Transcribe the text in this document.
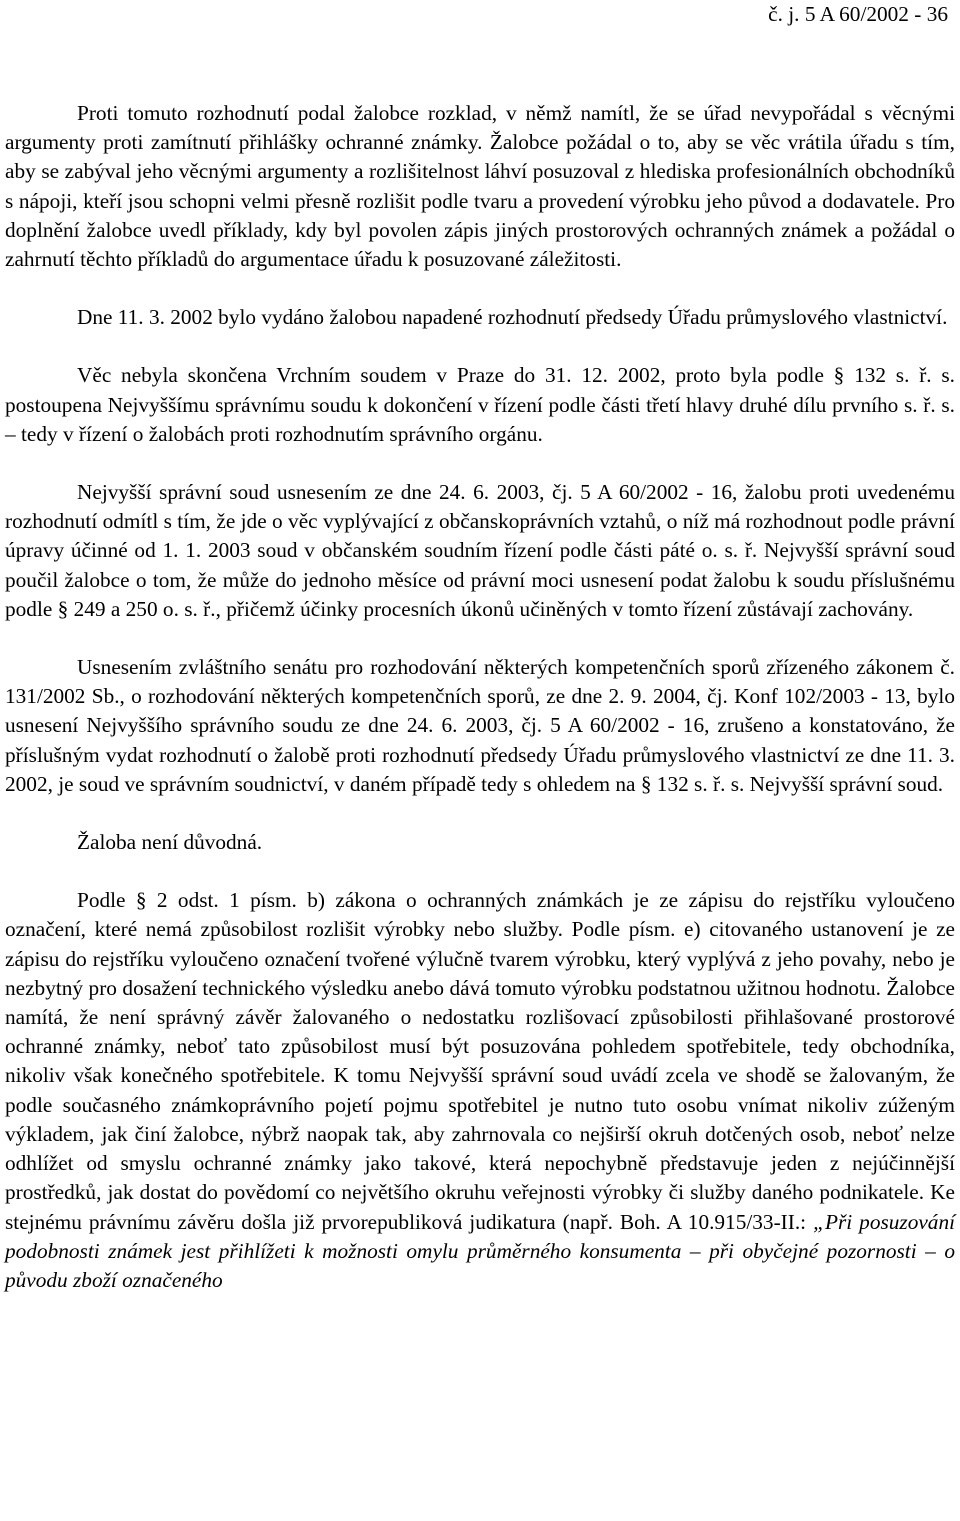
č. j. 5 A 60/2002 - 36

Proti tomuto rozhodnutí podal žalobce rozklad, v němž namítl, že se úřad nevypořádal s věcnými argumenty proti zamítnutí přihlášky ochranné známky. Žalobce požádal o to, aby se věc vrátila úřadu s tím, aby se zabýval jeho věcnými argumenty a rozlišitelnost láhví posuzoval z hlediska profesionálních obchodníků s nápoji, kteří jsou schopni velmi přesně rozlišit podle tvaru a provedení výrobku jeho původ a dodavatele. Pro doplnění žalobce uvedl příklady, kdy byl povolen zápis jiných prostorových ochranných známek a požádal o zahrnutí těchto příkladů do argumentace úřadu k posuzované záležitosti.

Dne 11. 3. 2002 bylo vydáno žalobou napadené rozhodnutí předsedy Úřadu průmyslového vlastnictví.

Věc nebyla skončena Vrchním soudem v Praze do 31. 12. 2002, proto byla podle § 132 s. ř. s. postoupena Nejvyššímu správnímu soudu k dokončení v řízení podle části třetí hlavy druhé dílu prvního s. ř. s. – tedy v řízení o žalobách proti rozhodnutím správního orgánu.

Nejvyšší správní soud usnesením ze dne 24. 6. 2003, čj. 5 A 60/2002 - 16, žalobu proti uvedenému rozhodnutí odmítl s tím, že jde o věc vyplývající z občanskoprávních vztahů, o níž má rozhodnout podle právní úpravy účinné od 1. 1. 2003 soud v občanském soudním řízení podle části páté o. s. ř. Nejvyšší správní soud poučil žalobce o tom, že může do jednoho měsíce od právní moci usnesení podat žalobu k soudu příslušnému podle § 249 a 250 o. s. ř., přičemž účinky procesních úkonů učiněných v tomto řízení zůstávají zachovány.

Usnesením zvláštního senátu pro rozhodování některých kompetenčních sporů zřízeného zákonem č. 131/2002 Sb., o rozhodování některých kompetenčních sporů, ze dne 2. 9. 2004, čj. Konf 102/2003 - 13, bylo usnesení Nejvyššího správního soudu ze dne 24. 6. 2003, čj. 5 A 60/2002 - 16, zrušeno a konstatováno, že příslušným vydat rozhodnutí o žalobě proti rozhodnutí předsedy Úřadu průmyslového vlastnictví ze dne 11. 3. 2002, je soud ve správním soudnictví, v daném případě tedy s ohledem na § 132 s. ř. s. Nejvyšší správní soud.

Žaloba není důvodná.

Podle § 2 odst. 1 písm. b) zákona o ochranných známkách je ze zápisu do rejstříku vyloučeno označení, které nemá způsobilost rozlišit výrobky nebo služby. Podle písm. e) citovaného ustanovení je ze zápisu do rejstříku vyloučeno označení tvořené výlučně tvarem výrobku, který vyplývá z jeho povahy, nebo je nezbytný pro dosažení technického výsledku anebo dává tomuto výrobku podstatnou užitnou hodnotu. Žalobce namítá, že není správný závěr žalovaného o nedostatku rozlišovací způsobilosti přihlašované prostorové ochranné známky, neboť tato způsobilost musí být posuzována pohledem spotřebitele, tedy obchodníka, nikoliv však konečného spotřebitele. K tomu Nejvyšší správní soud uvádí zcela ve shodě se žalovaným, že podle současného známkoprávního pojetí pojmu spotřebitel je nutno tuto osobu vnímat nikoliv zúženým výkladem, jak činí žalobce, nýbrž naopak tak, aby zahrnovala co nejširší okruh dotčených osob, neboť nelze odhlížet od smyslu ochranné známky jako takové, která nepochybně představuje jeden z nejúčinnější prostředků, jak dostat do povědomí co největšího okruhu veřejnosti výrobky či služby daného podnikatele. Ke stejnému právnímu závěru došla již prvorepubliková judikatura (např. Boh. A 10.915/33-II.: „Při posuzování podobnosti známek jest přihlížeti k možnosti omylu průměrného konsumenta – při obyčejné pozornosti – o původu zboží označeného
